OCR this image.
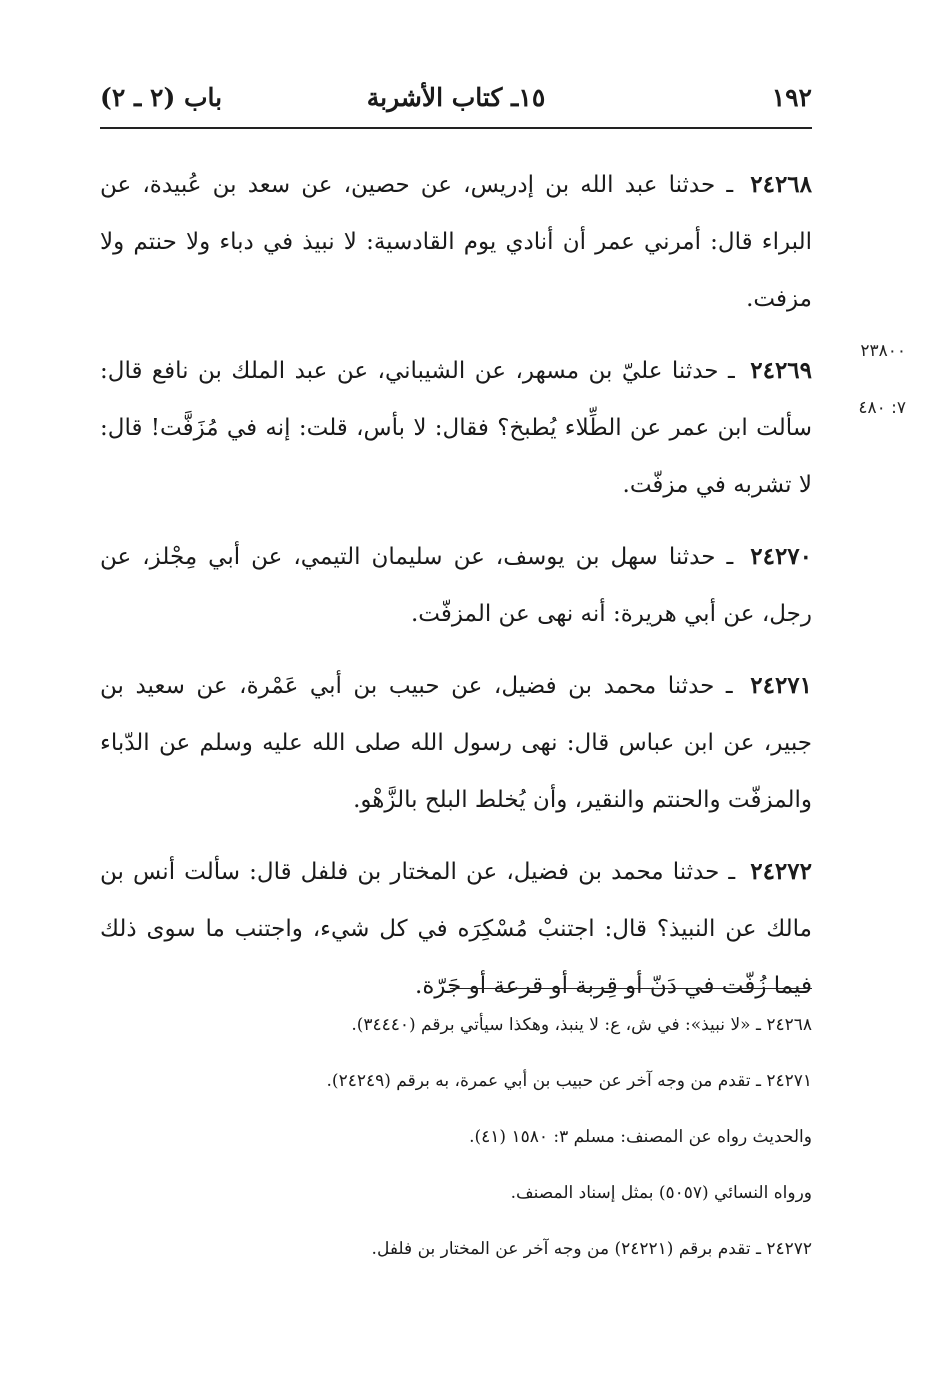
١٩٢
١٥ـ كتاب الأشربة
باب (٢ ـ ٢)
٢٣٨٠٠
٧: ٤٨٠

٢٤٢٦٨ ـ حدثنا عبد الله بن إدريس، عن حصين، عن سعد بن عُبيدة، عن البراء قال: أمرني عمر أن أنادي يوم القادسية: لا نبيذ في دباء ولا حنتم ولا مزفت.

٢٤٢٦٩ ـ حدثنا عليّ بن مسهر، عن الشيباني، عن عبد الملك بن نافع قال: سألت ابن عمر عن الطِّلاء يُطبخ؟ فقال: لا بأس، قلت: إنه في مُزَفَّت! قال: لا تشربه في مزفّت.

٢٤٢٧٠ ـ حدثنا سهل بن يوسف، عن سليمان التيمي، عن أبي مِجْلز، عن رجل، عن أبي هريرة: أنه نهى عن المزفّت.

٢٤٢٧١ ـ حدثنا محمد بن فضيل، عن حبيب بن أبي عَمْرة، عن سعيد بن جبير، عن ابن عباس قال: نهى رسول الله صلى الله عليه وسلم عن الدّباء والمزفّت والحنتم والنقير، وأن يُخلط البلح بالزَّهْو.

٢٤٢٧٢ ـ حدثنا محمد بن فضيل، عن المختار بن فلفل قال: سألت أنس بن مالك عن النبيذ؟ قال: اجتنبْ مُسْكِرَه في كل شيء، واجتنب ما سوى ذلك فيما زُفّت في دَنّ أو قِربة أو قرعة أو جَرّة.

٢٤٢٦٨ ـ «لا نبيذ»: في ش، ع: لا ينبذ، وهكذا سيأتي برقم (٣٤٤٤٠).

٢٤٢٧١ ـ تقدم من وجه آخر عن حبيب بن أبي عمرة، به برقم (٢٤٢٤٩).

والحديث رواه عن المصنف: مسلم ٣: ١٥٨٠ (٤١).

ورواه النسائي (٥٠٥٧) بمثل إسناد المصنف.

٢٤٢٧٢ ـ تقدم برقم (٢٤٢٢١) من وجه آخر عن المختار بن فلفل.
